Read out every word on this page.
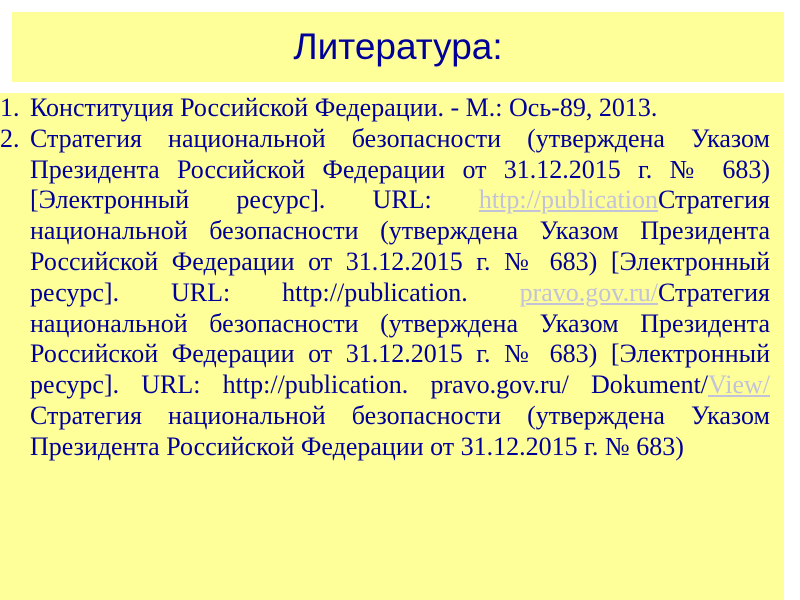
Литература:
1. Конституция Российской Федерации. - М.: Ось-89, 2013.
2. Стратегия национальной безопасности (утверждена Указом Президента Российской Федерации от 31.12.2015 г. № 683) [Электронный ресурс]. URL: http://publicationСтратегия национальной безопасности (утверждена Указом Президента Российской Федерации от 31.12.2015 г. № 683) [Электронный ресурс]. URL: http://publication. pravo.gov.ru/Стратегия национальной безопасности (утверждена Указом Президента Российской Федерации от 31.12.2015 г. № 683) [Электронный ресурс]. URL: http://publication. pravo.gov.ru/ Dokument/View/Стратегия национальной безопасности (утверждена Указом Президента Российской Федерации от 31.12.2015 г. № 683)
